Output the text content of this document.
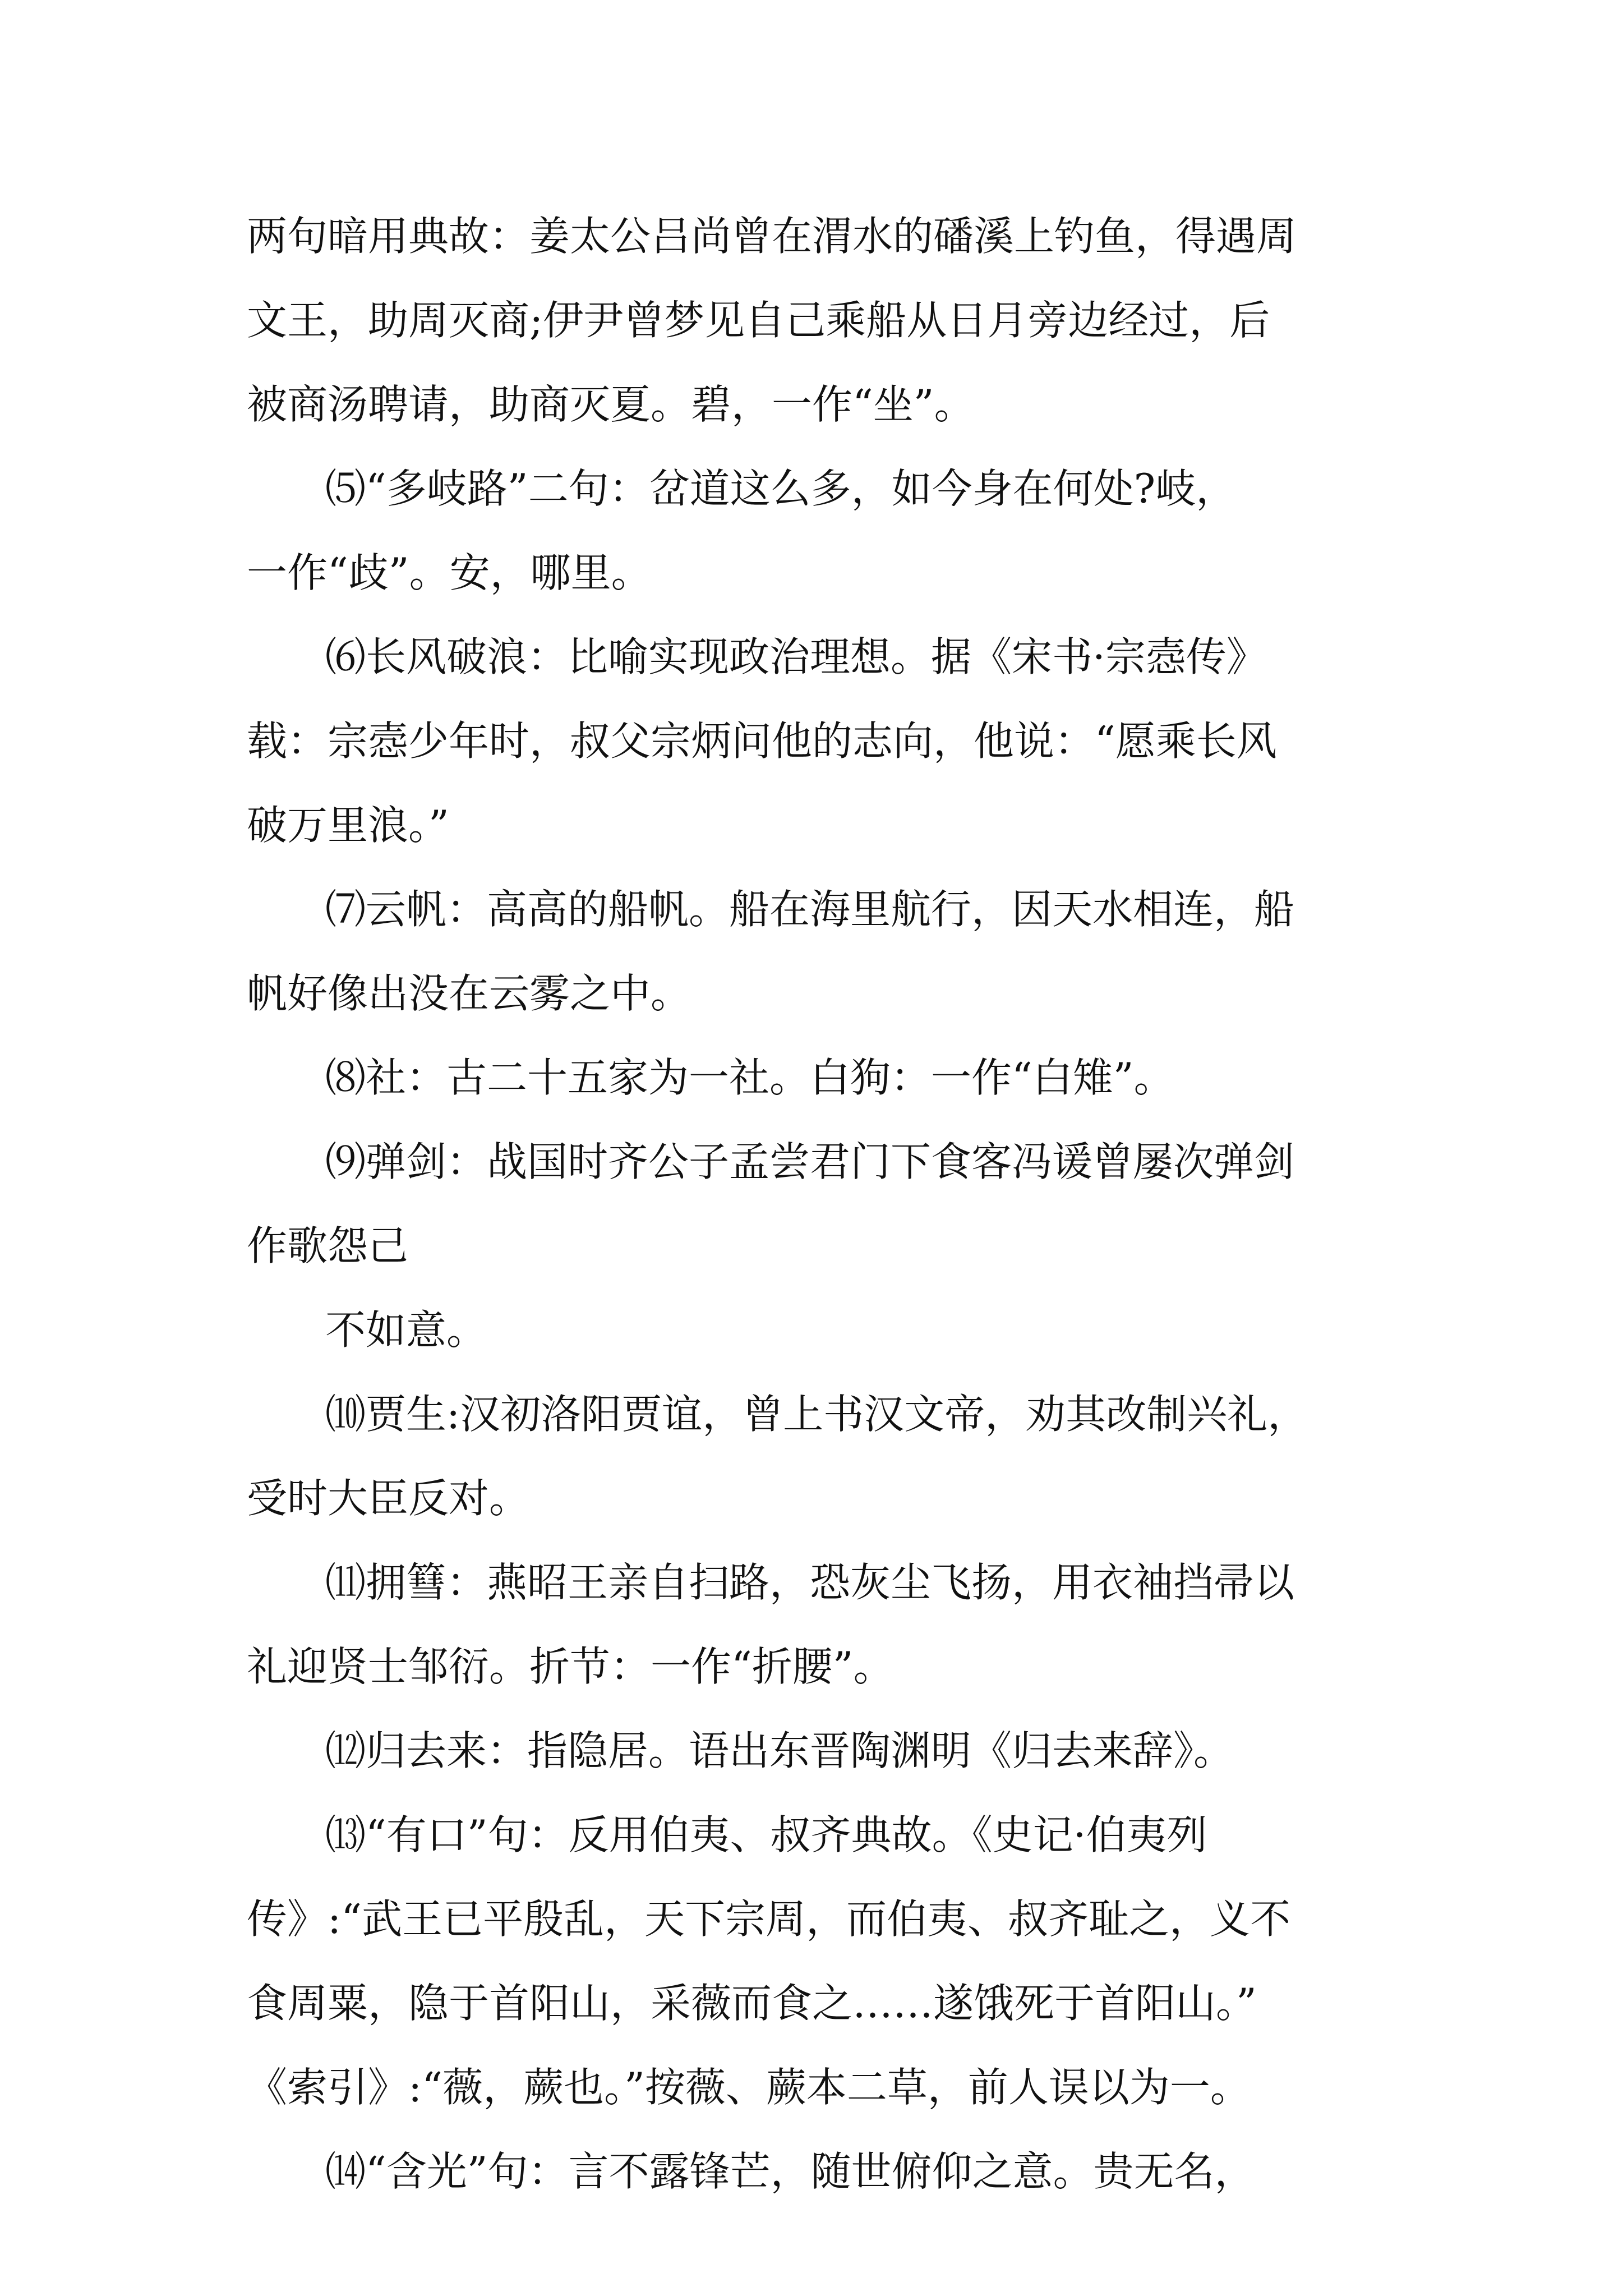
两句暗用典故：姜太公吕尚曾在渭水的磻溪上钓鱼，得遇周
文王，助周灭商;伊尹曾梦见自己乘船从日月旁边经过，后
被商汤聘请，助商灭夏。碧，一作“坐”。
⑸“多岐路”二句：岔道这么多，如今身在何处?岐，
一作“歧”。安，哪里。
⑹长风破浪：比喻实现政治理想。据《宋书·宗悫传》
载：宗悫少年时，叔父宗炳问他的志向，他说：“愿乘长风
破万里浪。”
⑺云帆：高高的船帆。船在海里航行，因天水相连，船
帆好像出没在云雾之中。
⑻社：古二十五家为一社。白狗：一作“白雉”。
⑼弹剑：战国时齐公子孟尝君门下食客冯谖曾屡次弹剑
作歌怨己
不如意。
⑽贾生:汉初洛阳贾谊，曾上书汉文帝，劝其改制兴礼，
受时大臣反对。
⑾拥篲：燕昭王亲自扫路，恐灰尘飞扬，用衣袖挡帚以
礼迎贤士邹衍。折节：一作“折腰”。
⑿归去来：指隐居。语出东晋陶渊明《归去来辞》。
⒀“有口”句：反用伯夷、叔齐典故。《史记·伯夷列
传》:“武王已平殷乱，天下宗周，而伯夷、叔齐耻之，义不
食周粟，隐于首阳山，采薇而食之……遂饿死于首阳山。”
《索引》:“薇，蕨也。”按薇、蕨本二草，前人误以为一。
⒁“含光”句：言不露锋芒，随世俯仰之意。贵无名，
